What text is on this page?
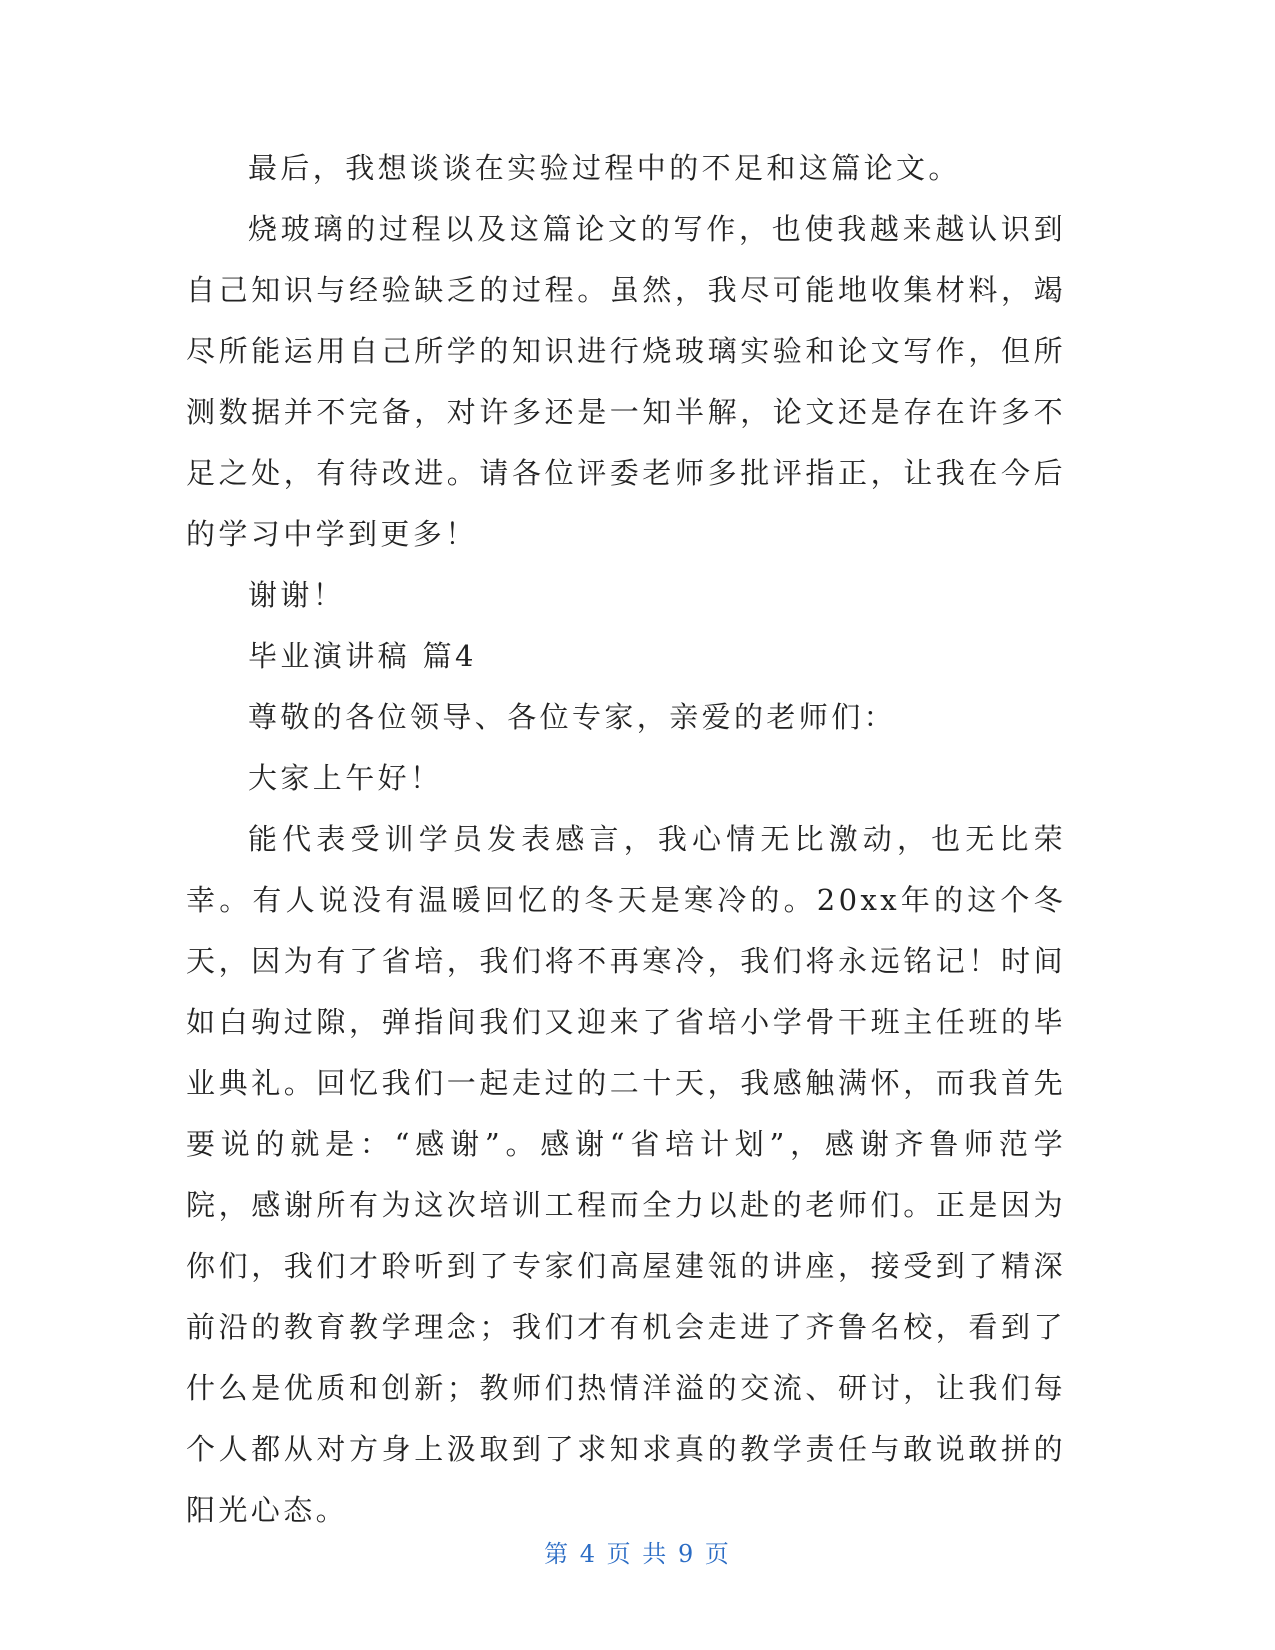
最后，我想谈谈在实验过程中的不足和这篇论文。

烧玻璃的过程以及这篇论文的写作，也使我越来越认识到自己知识与经验缺乏的过程。虽然，我尽可能地收集材料，竭尽所能运用自己所学的知识进行烧玻璃实验和论文写作，但所测数据并不完备，对许多还是一知半解，论文还是存在许多不足之处，有待改进。请各位评委老师多批评指正，让我在今后的学习中学到更多！

谢谢！

毕业演讲稿 篇4

尊敬的各位领导、各位专家，亲爱的老师们：

大家上午好！

能代表受训学员发表感言，我心情无比激动，也无比荣幸。有人说没有温暖回忆的冬天是寒冷的。20xx年的这个冬天，因为有了省培，我们将不再寒冷，我们将永远铭记！时间如白驹过隙，弹指间我们又迎来了省培小学骨干班主任班的毕业典礼。回忆我们一起走过的二十天，我感触满怀，而我首先要说的就是：“感谢”。感谢“省培计划”，感谢齐鲁师范学院，感谢所有为这次培训工程而全力以赴的老师们。正是因为你们，我们才聆听到了专家们高屋建瓴的讲座，接受到了精深前沿的教育教学理念；我们才有机会走进了齐鲁名校，看到了什么是优质和创新；教师们热情洋溢的交流、研讨，让我们每个人都从对方身上汲取到了求知求真的教学责任与敢说敢拼的阳光心态。

第 4 页 共 9 页
